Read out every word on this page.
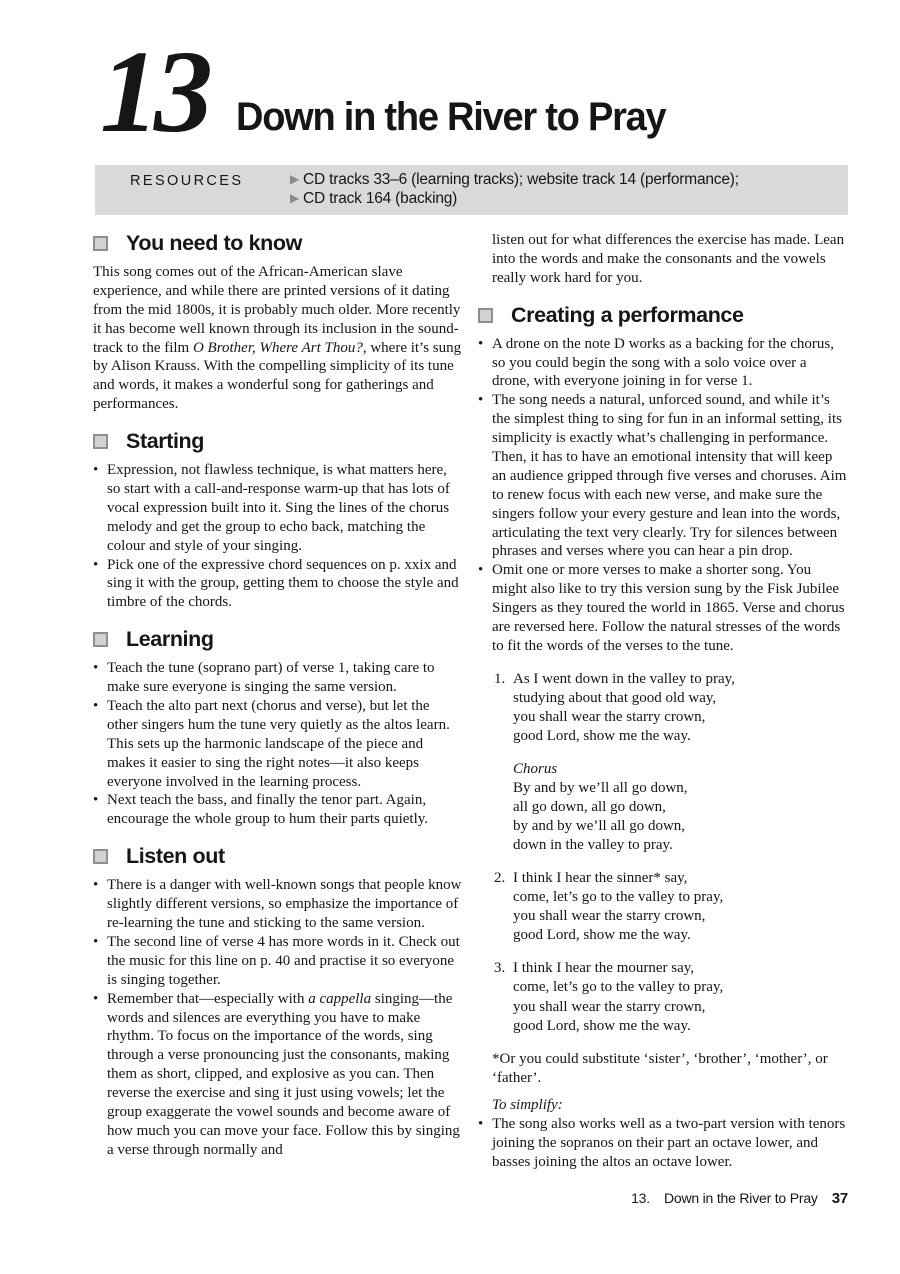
13 Down in the River to Pray
RESOURCES	▶ CD tracks 33–6 (learning tracks); website track 14 (performance);
▶ CD track 164 (backing)
You need to know

This song comes out of the African-American slave experience, and while there are printed versions of it dating from the mid 1800s, it is probably much older. More recently it has become well known through its inclusion in the sound-track to the film O Brother, Where Art Thou?, where it’s sung by Alison Krauss. With the compelling simplicity of its tune and words, it makes a wonderful song for gatherings and performances.

Starting
• Expression, not flawless technique, is what matters here, so start with a call-and-response warm-up that has lots of vocal expression built into it. Sing the lines of the chorus melody and get the group to echo back, matching the colour and style of your singing.
• Pick one of the expressive chord sequences on p. xxix and sing it with the group, getting them to choose the style and timbre of the chords.
Learning
• Teach the tune (soprano part) of verse 1, taking care to make sure everyone is singing the same version.
• Teach the alto part next (chorus and verse), but let the other singers hum the tune very quietly as the altos learn. This sets up the harmonic landscape of the piece and makes it easier to sing the right notes—it also keeps everyone involved in the learning process.
• Next teach the bass, and finally the tenor part. Again, encourage the whole group to hum their parts quietly.
Listen out
• There is a danger with well-known songs that people know slightly different versions, so emphasize the importance of re-learning the tune and sticking to the same version.
• The second line of verse 4 has more words in it. Check out the music for this line on p. 40 and practise it so everyone is singing together.
• Remember that—especially with a cappella singing—the words and silences are everything you have to make rhythm. To focus on the importance of the words, sing through a verse pronouncing just the consonants, making them as short, clipped, and explosive as you can. Then reverse the exercise and sing it just using vowels; let the group exaggerate the vowel sounds and become aware of how much you can move your face. Follow this by singing a verse through normally and

listen out for what differences the exercise has made. Lean into the words and make the consonants and the vowels really work hard for you.

Creating a performance
• A drone on the note D works as a backing for the chorus, so you could begin the song with a solo voice over a drone, with everyone joining in for verse 1.
• The song needs a natural, unforced sound, and while it’s the simplest thing to sing for fun in an informal setting, its simplicity is exactly what’s challenging in performance. Then, it has to have an emotional intensity that will keep an audience gripped through five verses and choruses. Aim to renew focus with each new verse, and make sure the singers follow your every gesture and lean into the words, articulating the text very clearly. Try for silences between phrases and verses where you can hear a pin drop.
• Omit one or more verses to make a shorter song. You might also like to try this version sung by the Fisk Jubilee Singers as they toured the world in 1865. Verse and chorus are reversed here. Follow the natural stresses of the words to fit the words of the verses to the tune.
1. As I went down in the valley to pray,
studying about that good old way,
you shall wear the starry crown,
good Lord, show me the way.
Chorus
By and by we’ll all go down,
all go down, all go down,
by and by we’ll all go down,
down in the valley to pray.
2. I think I hear the sinner* say,
come, let’s go to the valley to pray,
you shall wear the starry crown,
good Lord, show me the way.
3. I think I hear the mourner say,
come, let’s go to the valley to pray,
you shall wear the starry crown,
good Lord, show me the way.

*Or you could substitute ‘sister’, ‘brother’, ‘mother’, or ‘father’.

To simplify:
• The song also works well as a two-part version with tenors joining the sopranos on their part an octave lower, and basses joining the altos an octave lower.
13. Down in the River to Pray 37
